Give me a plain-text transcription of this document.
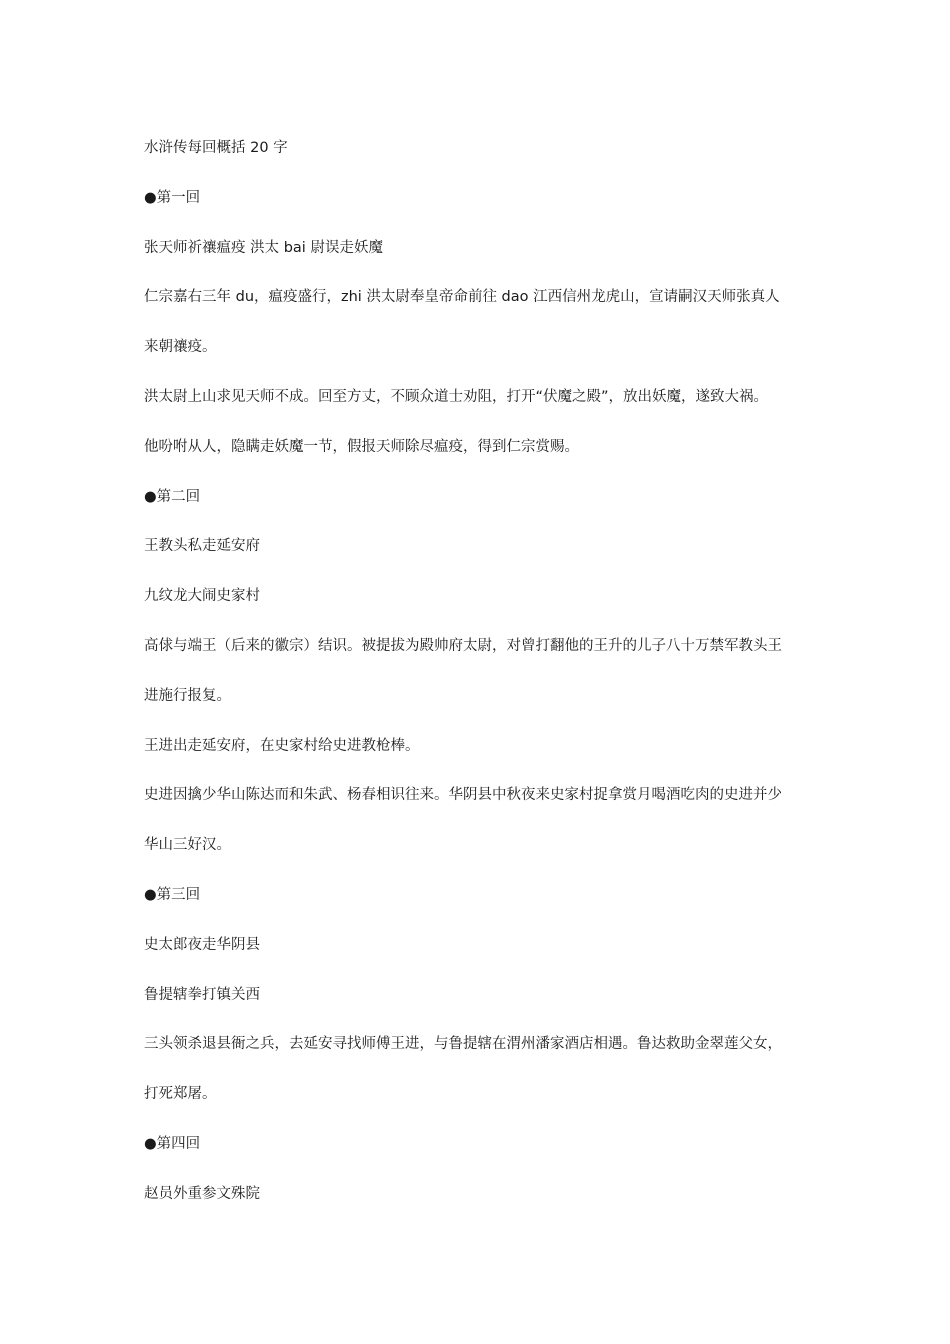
水浒传每回概括 20 字

●第一回

张天师祈禳瘟疫 洪太 bai 尉误走妖魔

仁宗嘉右三年 du，瘟疫盛行，zhi 洪太尉奉皇帝命前往 dao 江西信州龙虎山，宣请嗣汉天师张真人

来朝禳疫。

洪太尉上山求见天师不成。回至方丈，不顾众道士劝阻，打开“伏魔之殿”，放出妖魔，遂致大祸。

他吩咐从人，隐瞒走妖魔一节，假报天师除尽瘟疫，得到仁宗赏赐。

●第二回

王教头私走延安府

九纹龙大闹史家村

高俅与端王（后来的徽宗）结识。被提拔为殿帅府太尉，对曾打翻他的王升的儿子八十万禁军教头王

进施行报复。

王进出走延安府，在史家村给史进教枪棒。

史进因擒少华山陈达而和朱武、杨春相识往来。华阴县中秋夜来史家村捉拿赏月喝酒吃肉的史进并少

华山三好汉。

●第三回

史太郎夜走华阴县

鲁提辖拳打镇关西

三头领杀退县衙之兵，去延安寻找师傅王进，与鲁提辖在渭州潘家酒店相遇。鲁达救助金翠莲父女，

打死郑屠。

●第四回

赵员外重参文殊院
